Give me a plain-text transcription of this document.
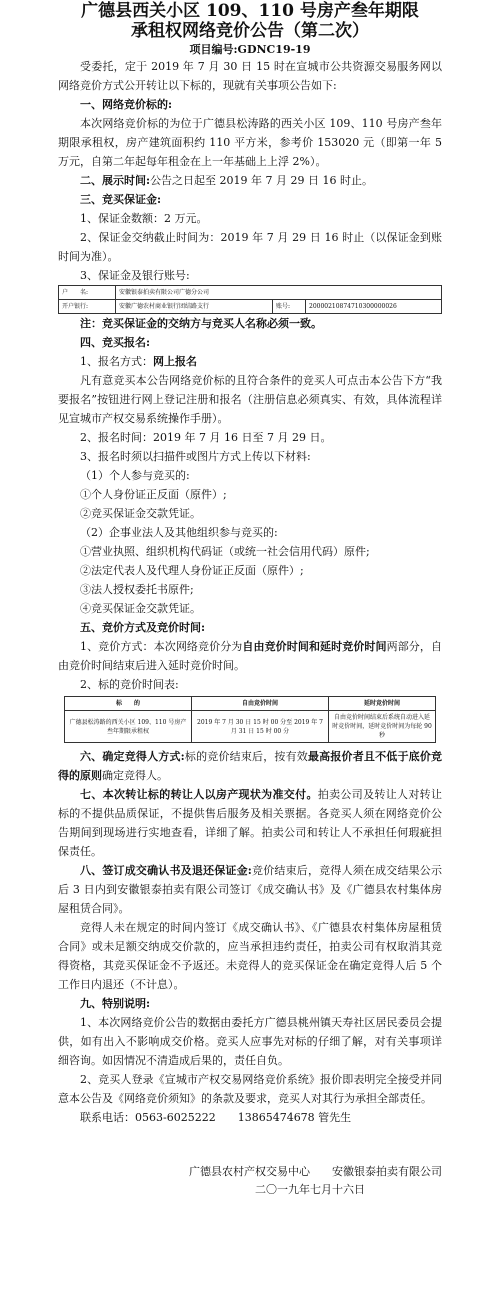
广德县西关小区 109、110 号房产叁年期限
承租权网络竞价公告（第二次）
项目编号:GDNC19-19

受委托，定于 2019 年 7 月 30 日 15 时在宣城市公共资源交易服务网以网络竞价方式公开转让以下标的，现就有关事项公告如下:

一、网络竞价标的:

本次网络竞价标的为位于广德县松涛路的西关小区 109、110 号房产叁年期限承租权，房产建筑面积约 110 平方米，参考价 153020 元（即第一年 5 万元，自第二年起每年租金在上一年基础上上浮 2%）。

二、展示时间:公告之日起至 2019 年 7 月 29 日 16 时止。

三、竞买保证金:

1、保证金数额：2 万元。

2、保证金交纳截止时间为：2019 年 7 月 29 日 16 时止（以保证金到账时间为准）。

3、保证金及银行账号:

户　　名:	安徽银泰拍卖有限公司广德分公司		
开户银行:	安徽广德农村商业银行团结路支行	账号:	20000210874710300000026

注：竞买保证金的交纳方与竞买人名称必须一致。

四、竞买报名:

1、报名方式：网上报名

凡有意竞买本公告网络竞价标的且符合条件的竞买人可点击本公告下方“我要报名”按钮进行网上登记注册和报名（注册信息必须真实、有效，具体流程详见宣城市产权交易系统操作手册）。

2、报名时间：2019 年 7 月 16 日至 7 月 29 日。

3、报名时须以扫描件或图片方式上传以下材料:

（1）个人参与竞买的:

①个人身份证正反面（原件）;

②竞买保证金交款凭证。

（2）企事业法人及其他组织参与竞买的:

①营业执照、组织机构代码证（或统一社会信用代码）原件;

②法定代表人及代理人身份证正反面（原件）;

③法人授权委托书原件;

④竞买保证金交款凭证。

五、竞价方式及竞价时间:

1、竞价方式：本次网络竞价分为自由竞价时间和延时竞价时间两部分，自由竞价时间结束后进入延时竞价时间。

2、标的竞价时间表:

标　　的	自由竞价时间	延时竞价时间
广德县松涛路的西关小区 109、110 号房产叁年期限承租权	2019 年 7 月 30 日 15 时 00 分至 2019 年 7 月 31 日 15 时 00 分	自由竞价时间结束后系统自动进入延时竞价时间，延时竞价时间为每轮 90 秒

六、确定竞得人方式:标的竞价结束后，按有效最高报价者且不低于底价竞得的原则确定竞得人。

七、本次转让标的转让人以房产现状为准交付。拍卖公司及转让人对转让标的不提供品质保证，不提供售后服务及相关票据。各竞买人须在网络竞价公告期间到现场进行实地查看，详细了解。拍卖公司和转让人不承担任何瑕疵担保责任。

八、签订成交确认书及退还保证金:竞价结束后，竞得人须在成交结果公示后 3 日内到安徽银泰拍卖有限公司签订《成交确认书》及《广德县农村集体房屋租赁合同》。

竞得人未在规定的时间内签订《成交确认书》、《广德县农村集体房屋租赁合同》或未足额交纳成交价款的，应当承担违约责任，拍卖公司有权取消其竞得资格，其竞买保证金不予返还。未竞得人的竞买保证金在确定竞得人后 5 个工作日内退还（不计息）。

九、特别说明:

1、本次网络竞价公告的数据由委托方广德县桃州镇天寿社区居民委员会提供，如有出入不影响成交价格。竞买人应事先对标的仔细了解，对有关事项详细咨询。如因情况不清造成后果的，责任自负。

2、竞买人登录《宣城市产权交易网络竞价系统》报价即表明完全接受并同意本公告及《网络竞价须知》的条款及要求，竞买人对其行为承担全部责任。

联系电话：0563-6025222　　13865474678 管先生

广德县农村产权交易中心　　安徽银泰拍卖有限公司
二〇一九年七月十六日
